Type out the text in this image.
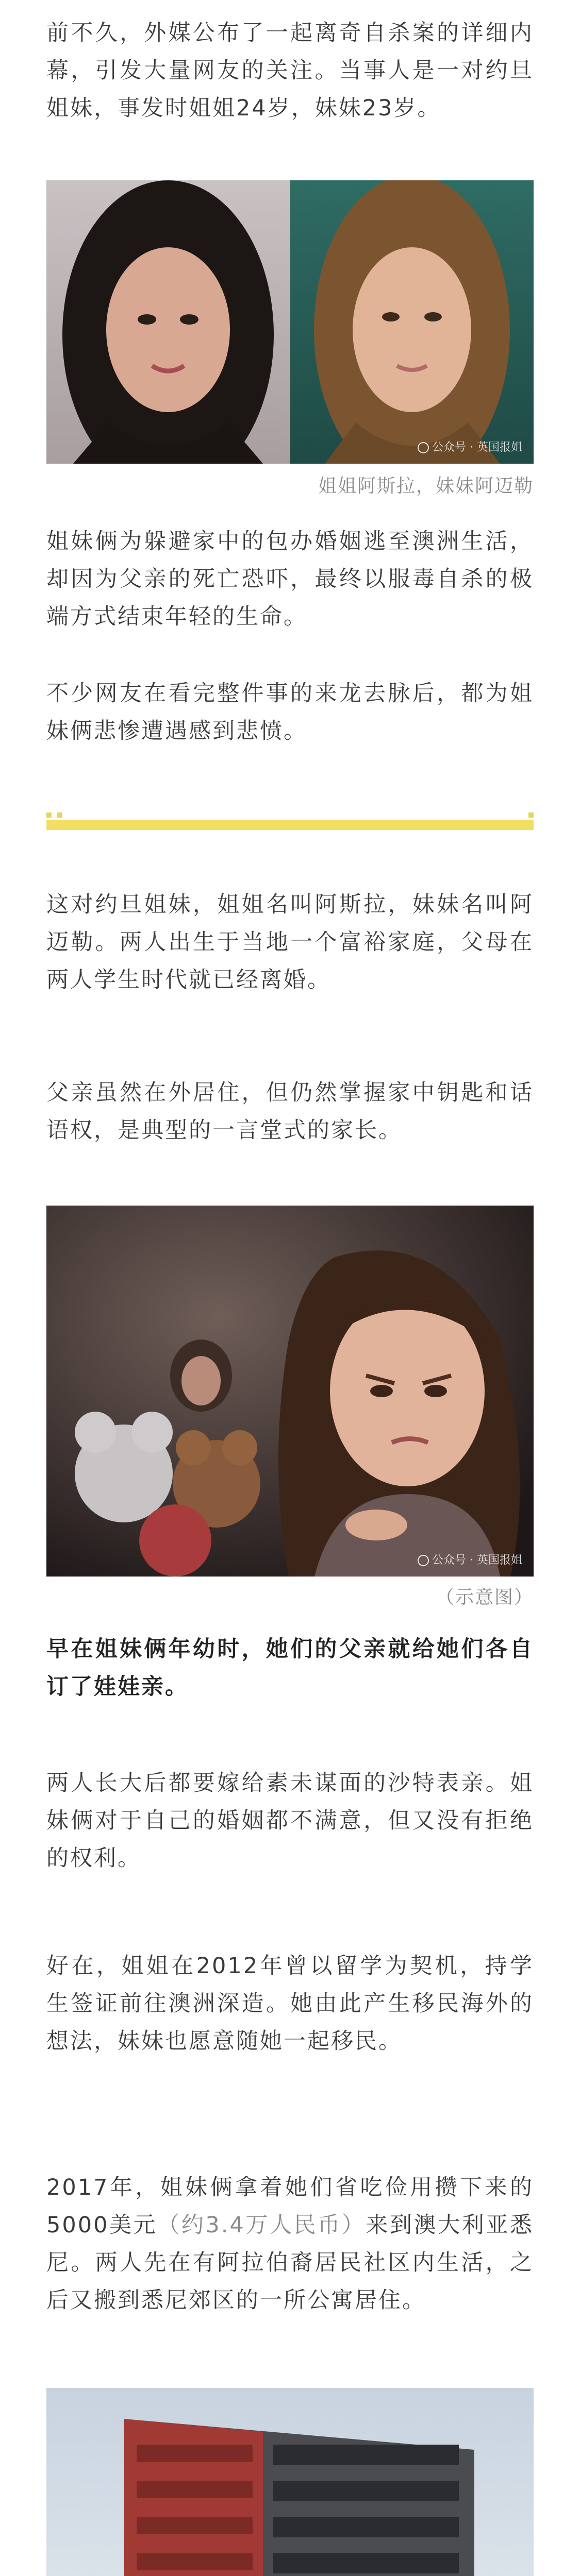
前不久，外媒公布了一起离奇自杀案的详细内幕，引发大量网友的关注。当事人是一对约旦姐妹，事发时姐姐24岁，妹妹23岁。

公众号 · 英国报姐

姐姐阿斯拉，妹妹阿迈勒

姐妹俩为躲避家中的包办婚姻逃至澳洲生活，却因为父亲的死亡恐吓，最终以服毒自杀的极端方式结束年轻的生命。

不少网友在看完整件事的来龙去脉后，都为姐妹俩悲惨遭遇感到悲愤。

这对约旦姐妹，姐姐名叫阿斯拉，妹妹名叫阿迈勒。两人出生于当地一个富裕家庭，父母在两人学生时代就已经离婚。

父亲虽然在外居住，但仍然掌握家中钥匙和话语权，是典型的一言堂式的家长。

公众号 · 英国报姐

（示意图）

早在姐妹俩年幼时，她们的父亲就给她们各自订了娃娃亲。

两人长大后都要嫁给素未谋面的沙特表亲。姐妹俩对于自己的婚姻都不满意，但又没有拒绝的权利。

好在，姐姐在2012年曾以留学为契机，持学生签证前往澳洲深造。她由此产生移民海外的想法，妹妹也愿意随她一起移民。

2017年，姐妹俩拿着她们省吃俭用攒下来的5000美元（约3.4万人民币）来到澳大利亚悉尼。两人先在有阿拉伯裔居民社区内生活，之后又搬到悉尼郊区的一所公寓居住。
